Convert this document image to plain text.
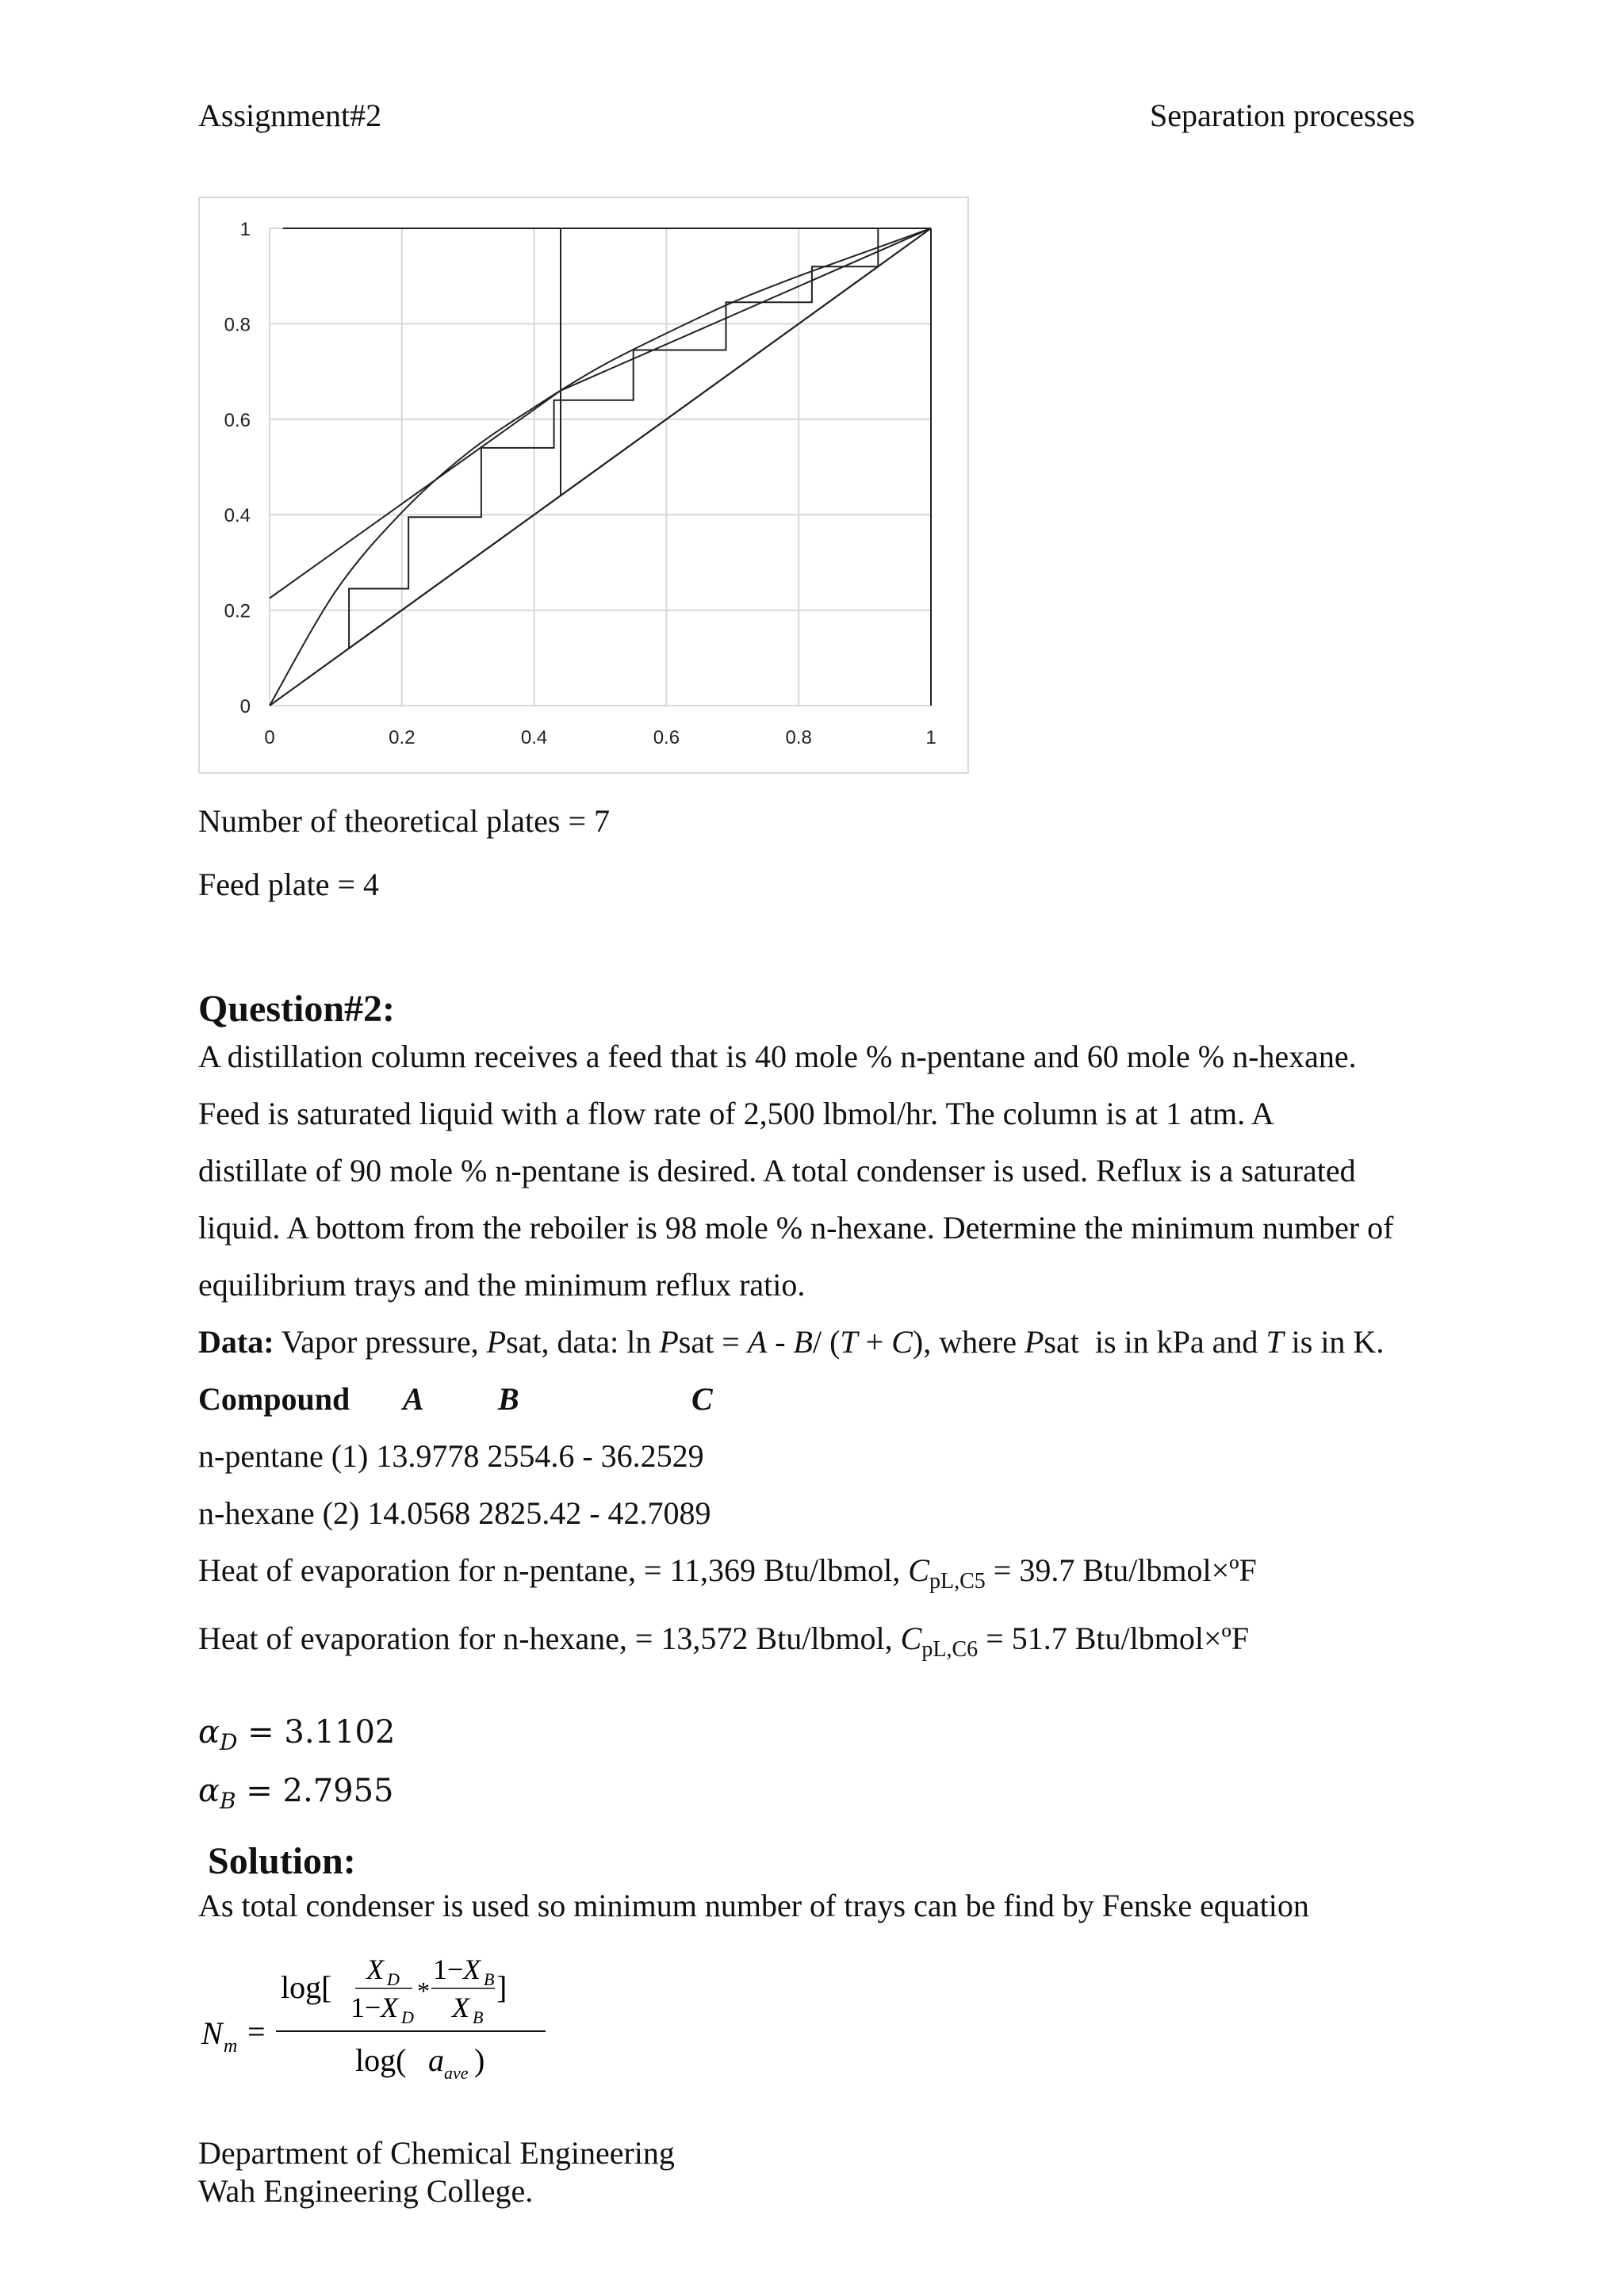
Assignment#2	Separation processes
0	0.2	0.4	0.6	0.8	1
0
0.2
0.4
0.6
0.8
1
Number of theoretical plates = 7
Feed plate = 4
Question#2:
A distillation column receives a feed that is 40 mole % n-pentane and 60 mole % n-hexane.
Feed is saturated liquid with a flow rate of 2,500 lbmol/hr. The column is at 1 atm. A
distillate of 90 mole % n-pentane is desired. A total condenser is used. Reflux is a saturated
liquid. A bottom from the reboiler is 98 mole % n-hexane. Determine the minimum number of
equilibrium trays and the minimum reflux ratio.
Data: Vapor pressure, Psat, data: ln Psat = A - B/ (T + C), where Psat  is in kPa and T is in K.
Compound A B	C
n-pentane (1) 13.9778 2554.6 - 36.2529
n-hexane (2) 14.0568 2825.42 - 42.7089
Heat of evaporation for n-pentane, = 11,369 Btu/lbmol, $C_{pL,C5} = 39.7$ Btu/lbmol×ºF
Heat of evaporation for n-hexane, = 13,572 Btu/lbmol, $C_{pL,C6} = 51.7$ Btu/lbmol×ºF
$\alpha_D = 3.1102$
$\alpha_B = 2.7955$
Solution:
As total condenser is used so minimum number of trays can be find by Fenske equation
N m =
log[ X D
1− X D
*
1− X B
X B
]
log( a ave )
Department of Chemical Engineering
Wah Engineering College.
